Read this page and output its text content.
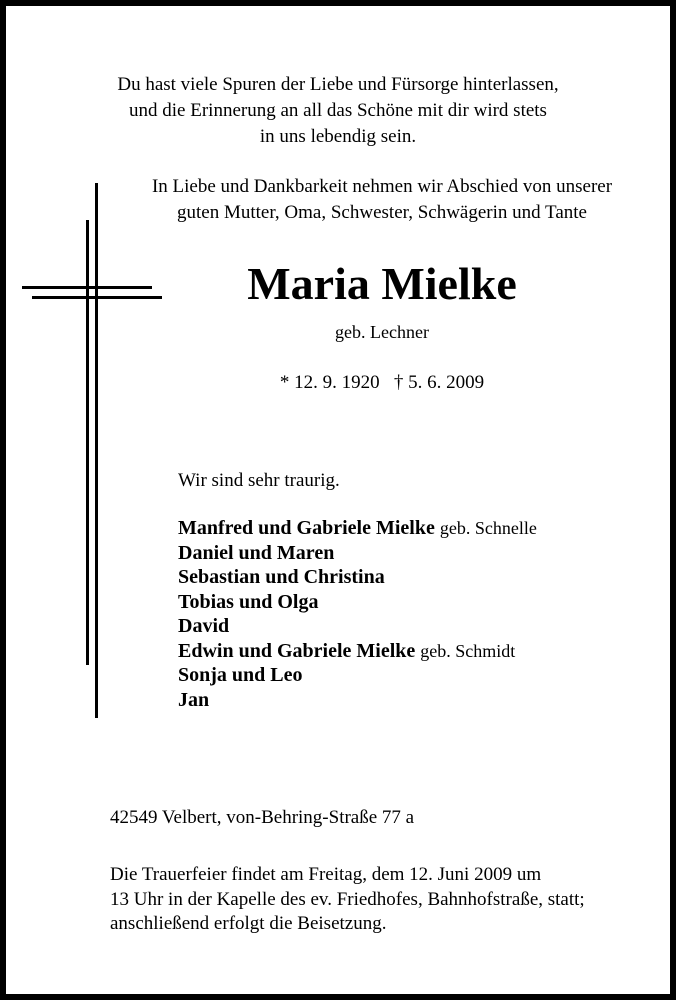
Du hast viele Spuren der Liebe und Fürsorge hinterlassen,
und die Erinnerung an all das Schöne mit dir wird stets
in uns lebendig sein.
In Liebe und Dankbarkeit nehmen wir Abschied von unserer
guten Mutter, Oma, Schwester, Schwägerin und Tante
Maria Mielke
geb. Lechner
* 12. 9. 1920   † 5. 6. 2009
Wir sind sehr traurig.
Manfred und Gabriele Mielke geb. Schnelle
Daniel und Maren
Sebastian und Christina
Tobias und Olga
David
Edwin und Gabriele Mielke geb. Schmidt
Sonja und Leo
Jan
42549 Velbert, von-Behring-Straße 77 a
Die Trauerfeier findet am Freitag, dem 12. Juni 2009 um
13 Uhr in der Kapelle des ev. Friedhofes, Bahnhofstraße, statt;
anschließend erfolgt die Beisetzung.
